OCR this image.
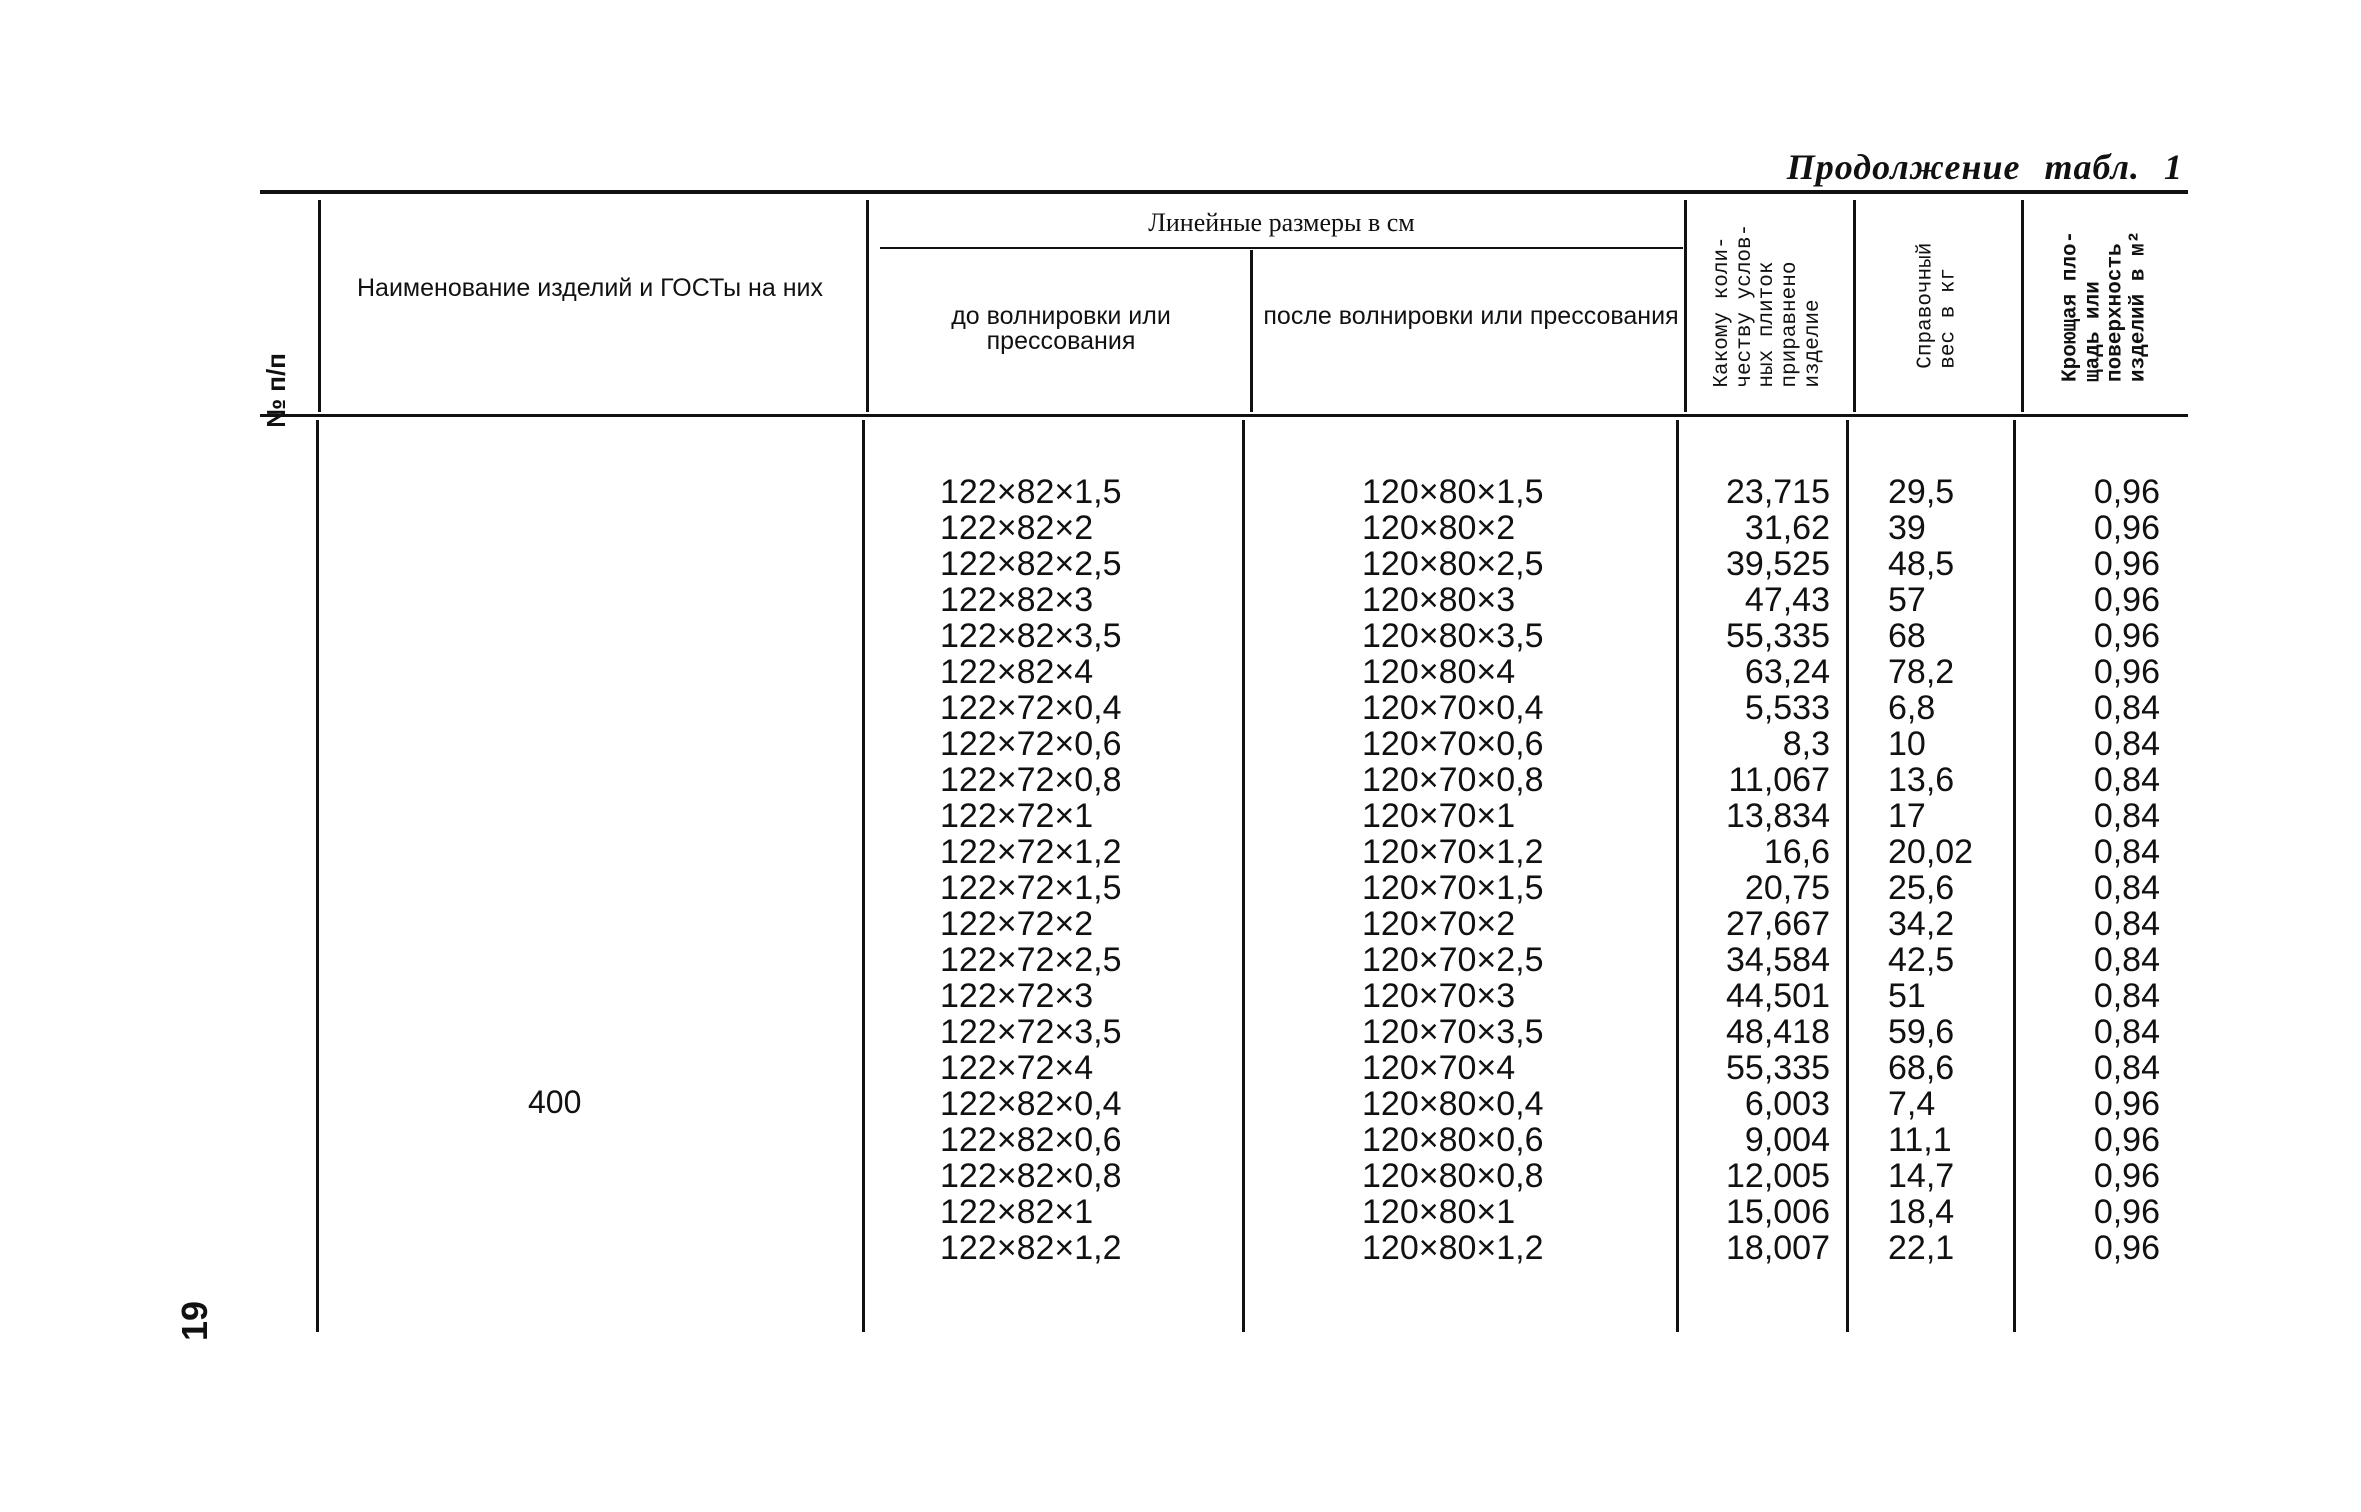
Продолжение табл. 1
№ п/п
Наименование изделий и ГОСТы на них
Линейные размеры в см
до волнировки или прессования
после волнировки или прессования Какому коли-
честву услов-
ных плиток
приравнено
изделие	Справочный
вес в кг	Кроющая пло-
щадь или
поверхность
изделий в м²
400
122×82×1,5
122×82×2
122×82×2,5
122×82×3
122×82×3,5
122×82×4
122×72×0,4
122×72×0,6
122×72×0,8
122×72×1
122×72×1,2
122×72×1,5
122×72×2
122×72×2,5
122×72×3
122×72×3,5
122×72×4
122×82×0,4
122×82×0,6
122×82×0,8
122×82×1
122×82×1,2
120×80×1,5
120×80×2
120×80×2,5
120×80×3
120×80×3,5
120×80×4
120×70×0,4
120×70×0,6
120×70×0,8
120×70×1
120×70×1,2
120×70×1,5
120×70×2
120×70×2,5
120×70×3
120×70×3,5
120×70×4
120×80×0,4
120×80×0,6
120×80×0,8
120×80×1
120×80×1,2
23,715
31,62
39,525
47,43
55,335
63,24
5,533
8,3
11,067
13,834
16,6
20,75
27,667
34,584
44,501
48,418
55,335
6,003
9,004
12,005
15,006
18,007
29,5
39
48,5
57
68
78,2
6,8
10
13,6
17
20,02
25,6
34,2
42,5
51
59,6
68,6
7,4
11,1
14,7
18,4
22,1
0,96
0,96
0,96
0,96
0,96
0,96
0,84
0,84
0,84
0,84
0,84
0,84
0,84
0,84
0,84
0,84
0,84
0,96
0,96
0,96
0,96
0,96
19
